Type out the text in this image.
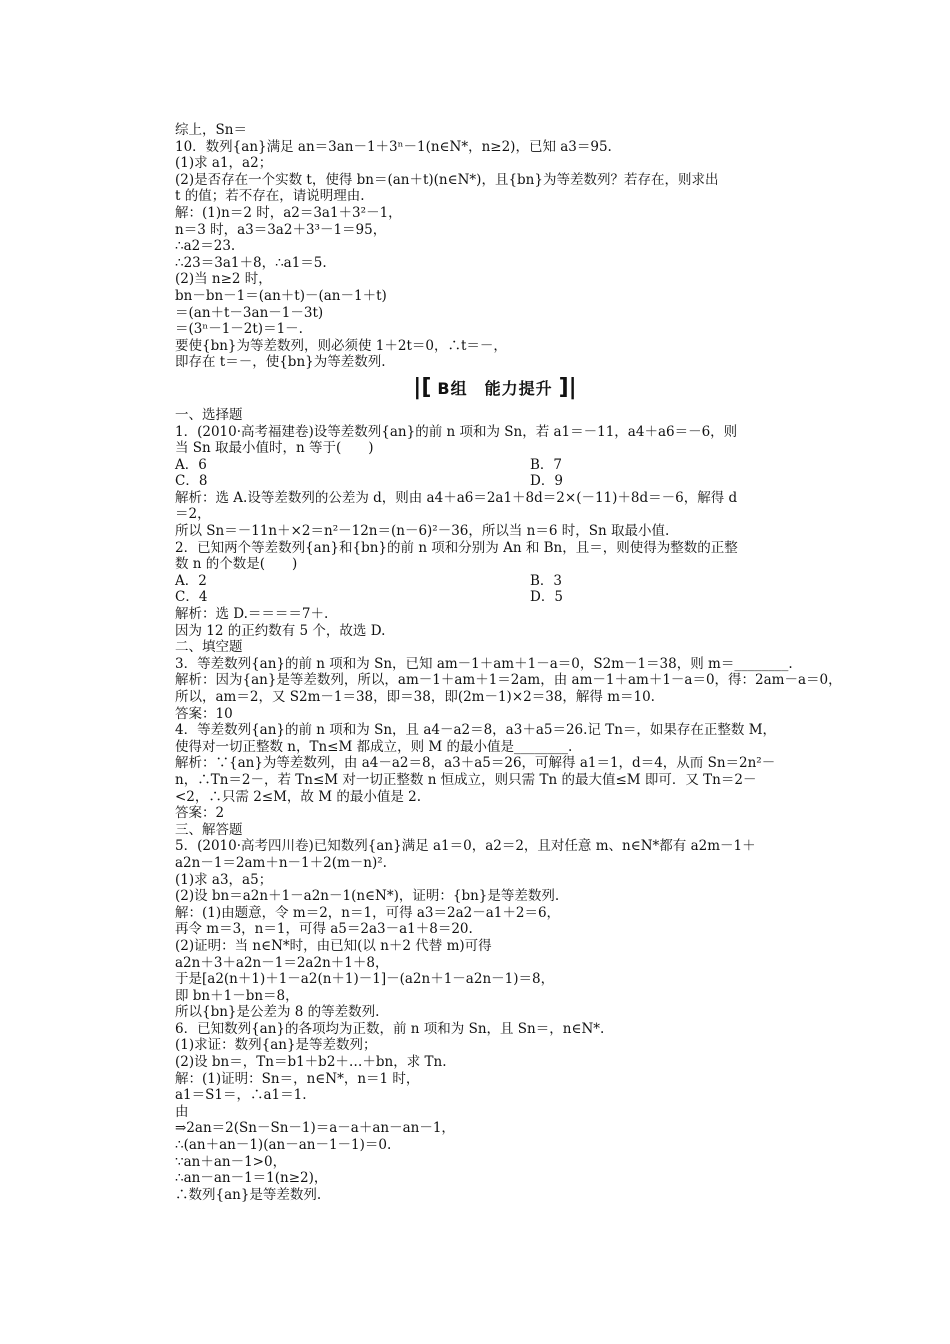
综上，Sn＝
10．数列{an}满足 an＝3an－1＋3ⁿ－1(n∈N*，n≥2)，已知 a3＝95.
(1)求 a1，a2；
(2)是否存在一个实数 t，使得 bn＝(an＋t)(n∈N*)，且{bn}为等差数列？若存在，则求出
t 的值；若不存在，请说明理由.
解：(1)n＝2 时，a2＝3a1＋3²－1，
n＝3 时，a3＝3a2＋3³－1＝95，
∴a2＝23.
∴23＝3a1＋8，∴a1＝5.
(2)当 n≥2 时，
bn－bn－1＝(an＋t)－(an－1＋t)
＝(an＋t－3an－1－3t)
＝(3ⁿ－1－2t)＝1－.
要使{bn}为等差数列，则必须使 1＋2t＝0，∴t＝－，
即存在 t＝－，使{bn}为等差数列.
|[ B组　能力提升 ]|
一、选择题
1．(2010·高考福建卷)设等差数列{an}的前 n 项和为 Sn，若 a1＝－11，a4＋a6＝－6，则
当 Sn 取最小值时，n 等于(　　)
A．6	B．7
C．8	D．9
解析：选 A.设等差数列的公差为 d，则由 a4＋a6＝2a1＋8d＝2×(－11)＋8d＝－6，解得 d
＝2，
所以 Sn＝－11n＋×2＝n²－12n＝(n－6)²－36，所以当 n＝6 时，Sn 取最小值.
2．已知两个等差数列{an}和{bn}的前 n 项和分别为 An 和 Bn，且＝，则使得为整数的正整
数 n 的个数是(　　)
A．2	B．3
C．4	D．5
解析：选 D.＝＝＝＝7＋.
因为 12 的正约数有 5 个，故选 D.
二、填空题
3．等差数列{an}的前 n 项和为 Sn，已知 am－1＋am＋1－a＝0，S2m－1＝38，则 m＝________.
解析：因为{an}是等差数列，所以，am－1＋am＋1＝2am，由 am－1＋am＋1－a＝0，得：2am－a＝0，
所以，am＝2，又 S2m－1＝38，即＝38，即(2m－1)×2＝38，解得 m＝10.
答案：10
4．等差数列{an}的前 n 项和为 Sn，且 a4－a2＝8，a3＋a5＝26.记 Tn＝，如果存在正整数 M，
使得对一切正整数 n，Tn≤M 都成立，则 M 的最小值是________.
解析：∵{an}为等差数列，由 a4－a2＝8，a3＋a5＝26，可解得 a1＝1，d＝4，从而 Sn＝2n²－
n，∴Tn＝2－，若 Tn≤M 对一切正整数 n 恒成立，则只需 Tn 的最大值≤M 即可．又 Tn＝2－
<2，∴只需 2≤M，故 M 的最小值是 2.
答案：2
三、解答题
5．(2010·高考四川卷)已知数列{an}满足 a1＝0，a2＝2，且对任意 m、n∈N*都有 a2m－1＋
a2n－1＝2am＋n－1＋2(m－n)².
(1)求 a3，a5；
(2)设 bn＝a2n＋1－a2n－1(n∈N*)，证明：{bn}是等差数列.
解：(1)由题意，令 m＝2，n＝1，可得 a3＝2a2－a1＋2＝6，
再令 m＝3，n＝1，可得 a5＝2a3－a1＋8＝20.
(2)证明：当 n∈N*时，由已知(以 n＋2 代替 m)可得
a2n＋3＋a2n－1＝2a2n＋1＋8，
于是[a2(n＋1)＋1－a2(n＋1)－1]－(a2n＋1－a2n－1)＝8，
即 bn＋1－bn＝8，
所以{bn}是公差为 8 的等差数列.
6．已知数列{an}的各项均为正数，前 n 项和为 Sn，且 Sn＝，n∈N*.
(1)求证：数列{an}是等差数列；
(2)设 bn＝，Tn＝b1＋b2＋…＋bn，求 Tn.
解：(1)证明：Sn＝，n∈N*，n＝1 时，
a1＝S1＝，∴a1＝1.
由
⇒2an＝2(Sn－Sn－1)＝a－a＋an－an－1，
∴(an＋an－1)(an－an－1－1)＝0.
∵an＋an－1>0，
∴an－an－1＝1(n≥2)，
∴数列{an}是等差数列.
